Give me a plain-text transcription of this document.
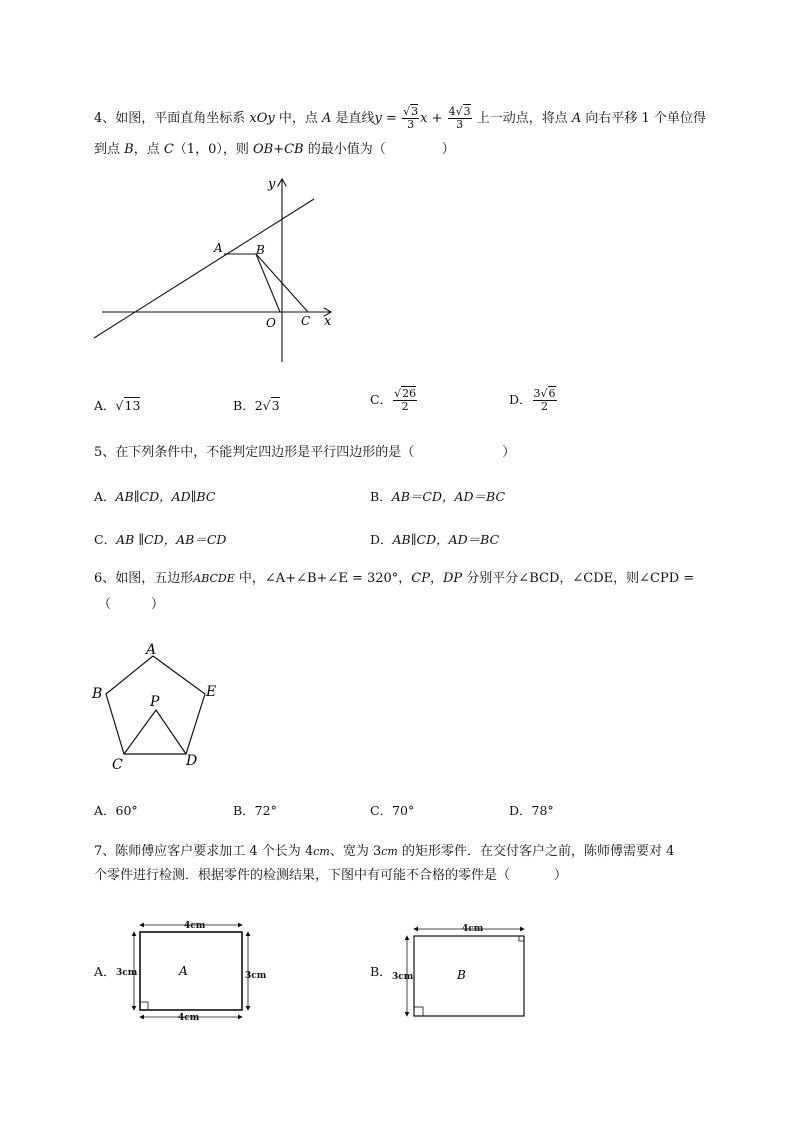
4、如图，平面直角坐标系 xOy 中，点 A 是直线$y = \frac{√3}{3}$ $x + \frac{4√3}{3}$ 上一动点，将点 A 向右平移 1 个单位得
到点 B，点 C（1，0），则 OB+CB 的最小值为（	）
y
x
A	B
O C
A．√13	B．2√3	C． $\frac{√26}{2}$	D． $\frac{3√6}{2}$
5、在下列条件中，不能判定四边形是平行四边形的是（	）
A．AB∥CD，AD∥BC	B．AB＝CD，AD＝BC
C．AB ∥CD，AB＝CD	D．AB∥CD，AD＝BC
6、如图，五边形ABCDE 中，∠A+∠B+∠E = 320°，CP，DP 分别平分∠BCD，∠CDE，则∠CPD =
（	）
A
B	E
P
C	D
A．60°	B．72°	C．70°	D．78°
7、陈师傅应客户要求加工 4 个长为 4cm、宽为 3cm 的矩形零件．在交付客户之前，陈师傅需要对 4
个零件进行检测．根据零件的检测结果，下图中有可能不合格的零件是（	）
A．
4cm
4cm
3cm	3cm
A	B．
4cm
3cm	B
